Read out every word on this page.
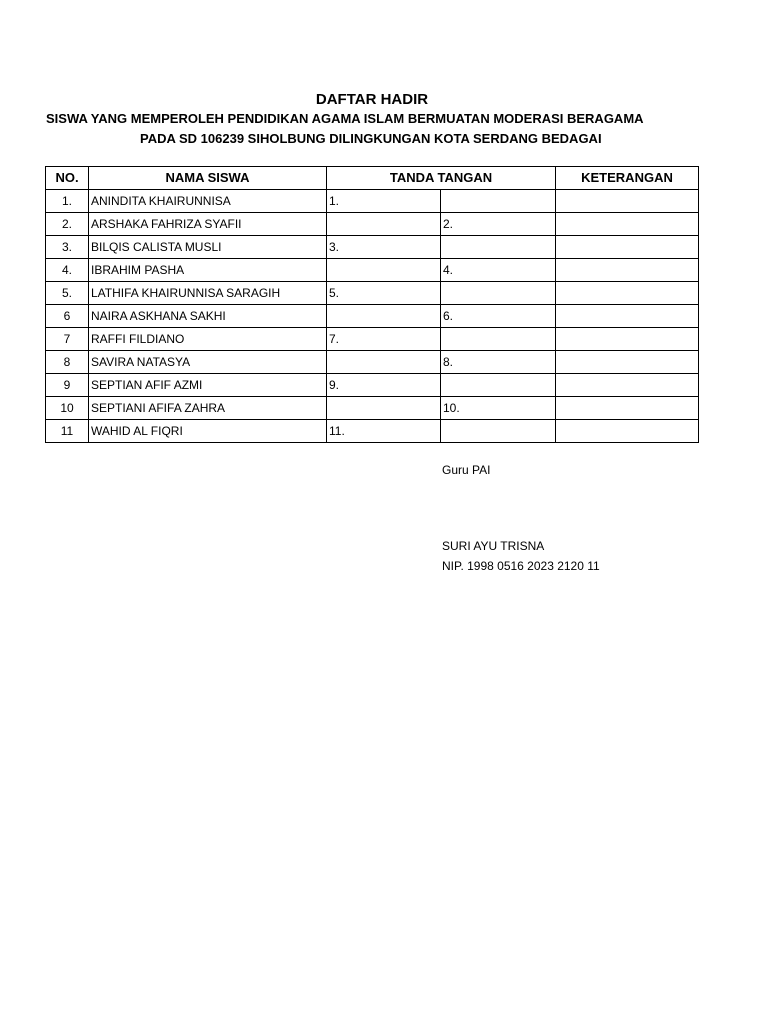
DAFTAR HADIR
SISWA YANG MEMPEROLEH PENDIDIKAN AGAMA ISLAM BERMUATAN MODERASI BERAGAMA
PADA SD 106239 SIHOLBUNG DILINGKUNGAN KOTA SERDANG BEDAGAI
NO.	NAMA SISWA	TANDA TANGAN		KETERANGAN
1.	ANINDITA KHAIRUNNISA	1.		
2.	ARSHAKA FAHRIZA SYAFII		2.	
3.	BILQIS CALISTA MUSLI	3.		
4.	IBRAHIM PASHA		4.	
5.	LATHIFA KHAIRUNNISA SARAGIH	5.		
6	NAIRA ASKHANA SAKHI		6.	
7	RAFFI FILDIANO	7.		
8	SAVIRA NATASYA		8.	
9	SEPTIAN AFIF AZMI	9.		
10	SEPTIANI AFIFA ZAHRA		10.	
11	WAHID AL FIQRI	11.		
Guru PAI
SURI AYU TRISNA
NIP. 1998 0516 2023 2120 11
